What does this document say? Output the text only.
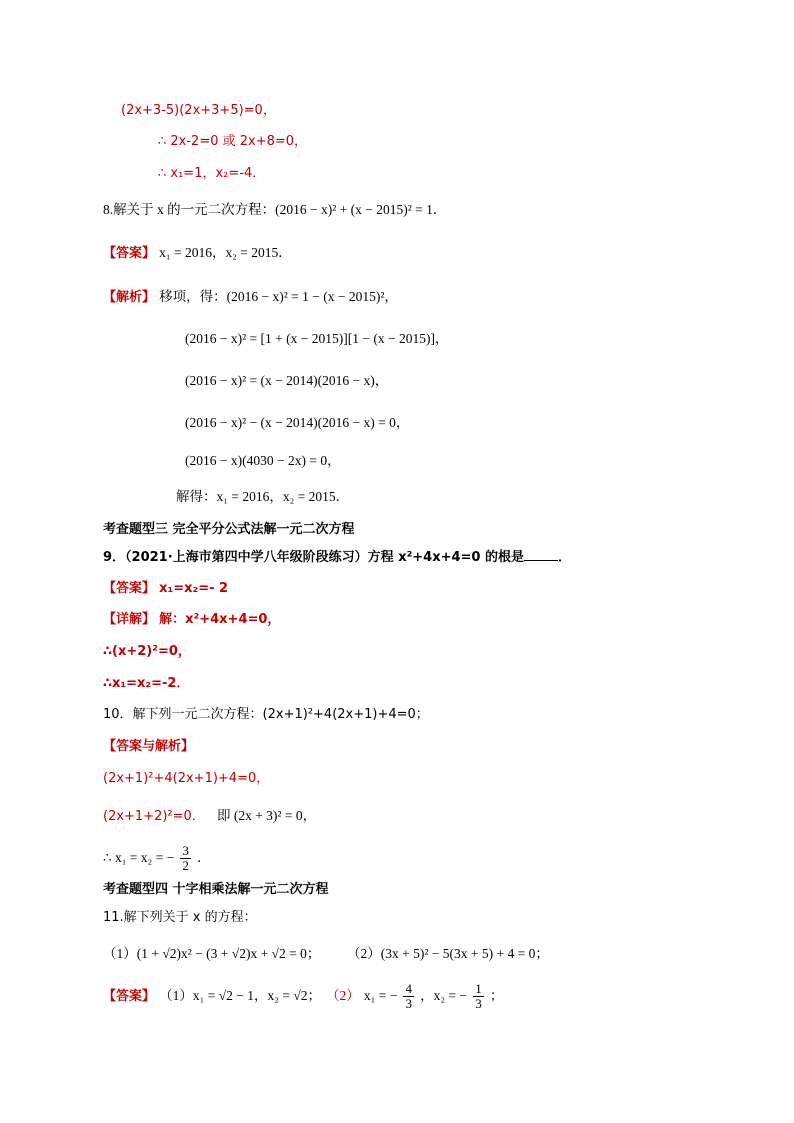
(2x+3-5)(2x+3+5)=0，
∴ 2x-2=0 或 2x+8=0，
∴ x₁=1，x₂=-4．
8.解关于 x 的一元二次方程：(2016 − x)² + (x − 2015)² = 1．
【答案】 x₁ = 2016，x₂ = 2015．
【解析】 移项，得：(2016 − x)² = 1 − (x − 2015)²，
(2016 − x)² = [1 + (x − 2015)][1 − (x − 2015)]，
(2016 − x)² = (x − 2014)(2016 − x)，
(2016 − x)² − (x − 2014)(2016 − x) = 0，
(2016 − x)(4030 − 2x) = 0，
解得：x₁ = 2016，x₂ = 2015．
考查题型三 完全平分公式法解一元二次方程
9．（2021·上海市第四中学八年级阶段练习）方程 x²+4x+4=0 的根是	．
【答案】 x₁=x₂=- 2
【详解】 解：x²+4x+4=0，
∴(x+2)²=0，
∴x₁=x₂=-2．
10．解下列一元二次方程：(2x+1)²+4(2x+1)+4=0；
【答案与解析】
(2x+1)²+4(2x+1)+4=0，
(2x+1+2)²=0． 即 (2x + 3)² = 0，
∴ x₁ = x₂ = − $\frac{3}{2}$ ．
考查题型四 十字相乘法解一元二次方程
11.解下列关于 x 的方程：
（1）(1 + √2)x² − (3 + √2)x + √2 = 0； （2）(3x + 5)² − 5(3x + 5) + 4 = 0；
【答案】 （1）x₁ = √2 − 1，x₂ = √2； （2） x₁ = − $\frac{4}{3}$ ，x₂ = − $\frac{1}{3}$ ；
